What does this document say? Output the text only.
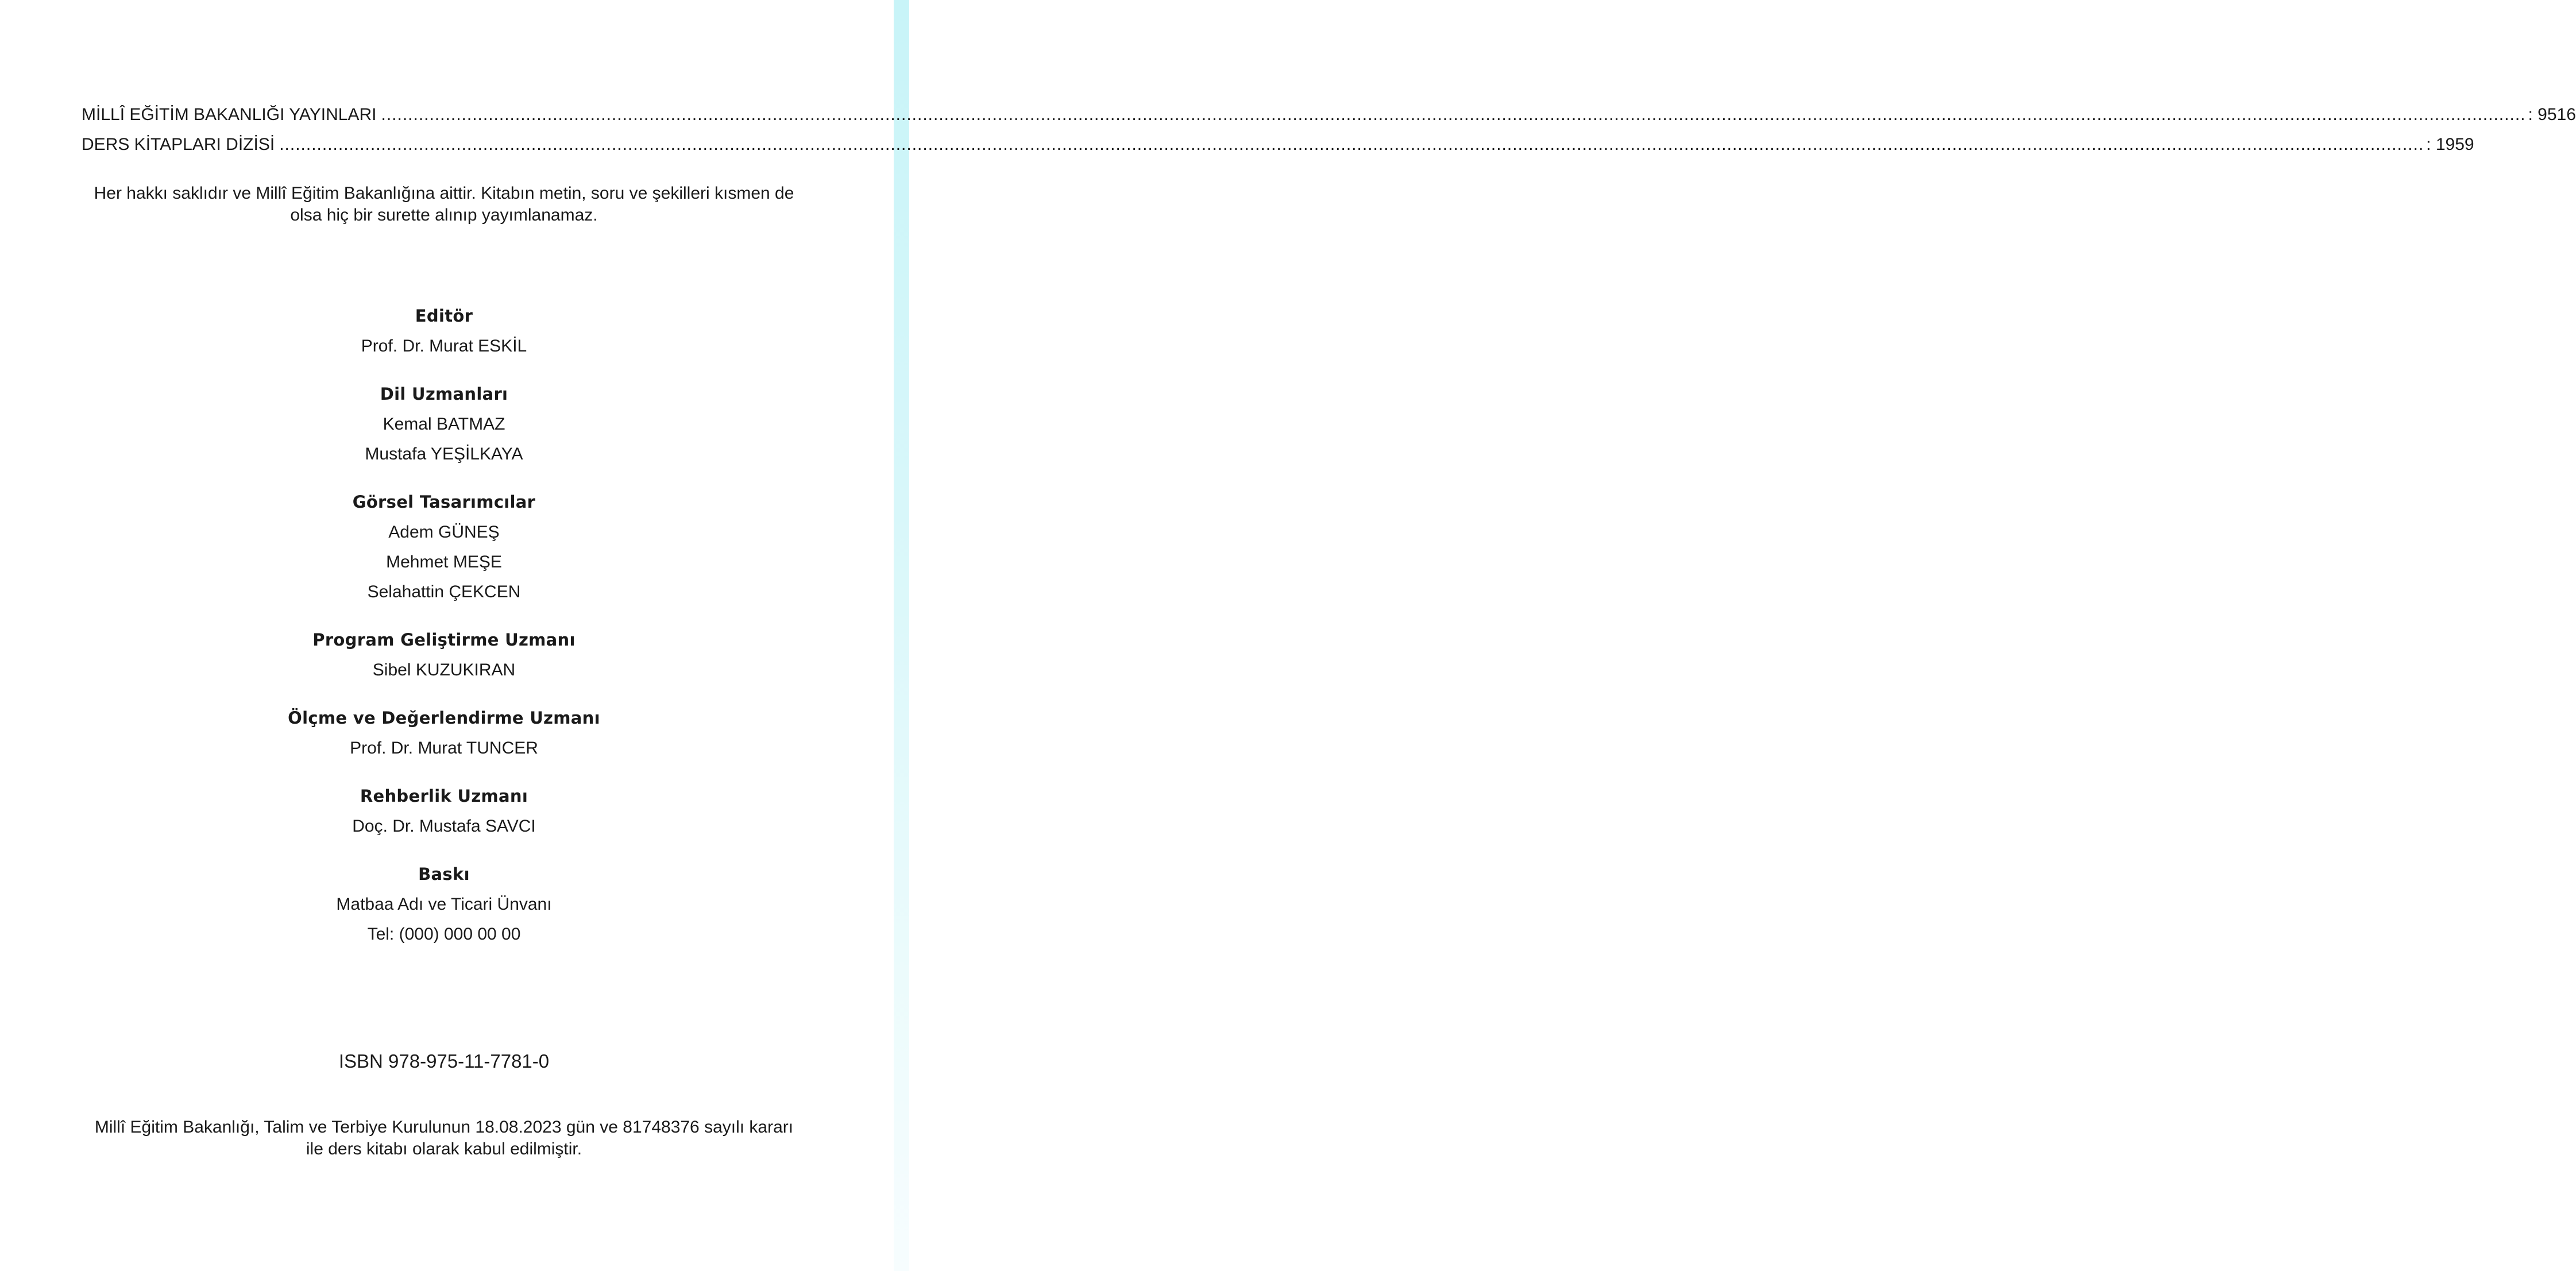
MİLLÎ EĞİTİM BAKANLIĞI YAYINLARI ................................................................................................................................................................................................................................................................................................................................................................................................................ : 9516
DERS KİTAPLARI DİZİSİ ................................................................................................................................................................................................................................................................................................................................................................................................................ : 1959
Her hakkı saklıdır ve Millî Eğitim Bakanlığına aittir. Kitabın metin, soru ve şekilleri kısmen de
olsa hiç bir surette alınıp yayımlanamaz.
Editör
Prof. Dr. Murat ESKİL
Dil Uzmanları
Kemal BATMAZ
Mustafa YEŞİLKAYA
Görsel Tasarımcılar
Adem GÜNEŞ
Mehmet MEŞE
Selahattin ÇEKCEN
Program Geliştirme Uzmanı
Sibel KUZUKIRAN
Ölçme ve Değerlendirme Uzmanı
Prof. Dr. Murat TUNCER
Rehberlik Uzmanı
Doç. Dr. Mustafa SAVCI
Baskı
Matbaa Adı ve Ticari Ünvanı
Tel: (000) 000 00 00
ISBN 978-975-11-7781-0
Millî Eğitim Bakanlığı, Talim ve Terbiye Kurulunun 18.08.2023 gün ve 81748376 sayılı kararı
ile ders kitabı olarak kabul edilmiştir.
